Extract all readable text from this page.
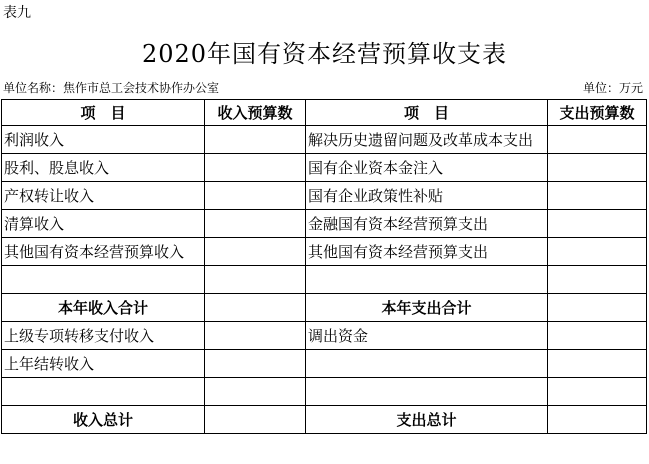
表九
2020年国有资本经营预算收支表
单位名称：焦作市总工会技术协作办公室	单位：万元
项　目	收入预算数	项　目	支出预算数
利润收入		解决历史遗留问题及改革成本支出	
股利、股息收入		国有企业资本金注入	
产权转让收入		国有企业政策性补贴	
清算收入		金融国有资本经营预算支出	
其他国有资本经营预算收入		其他国有资本经营预算支出	

本年收入合计		本年支出合计	
上级专项转移支付收入		调出资金	
上年结转收入			

收入总计		支出总计	
